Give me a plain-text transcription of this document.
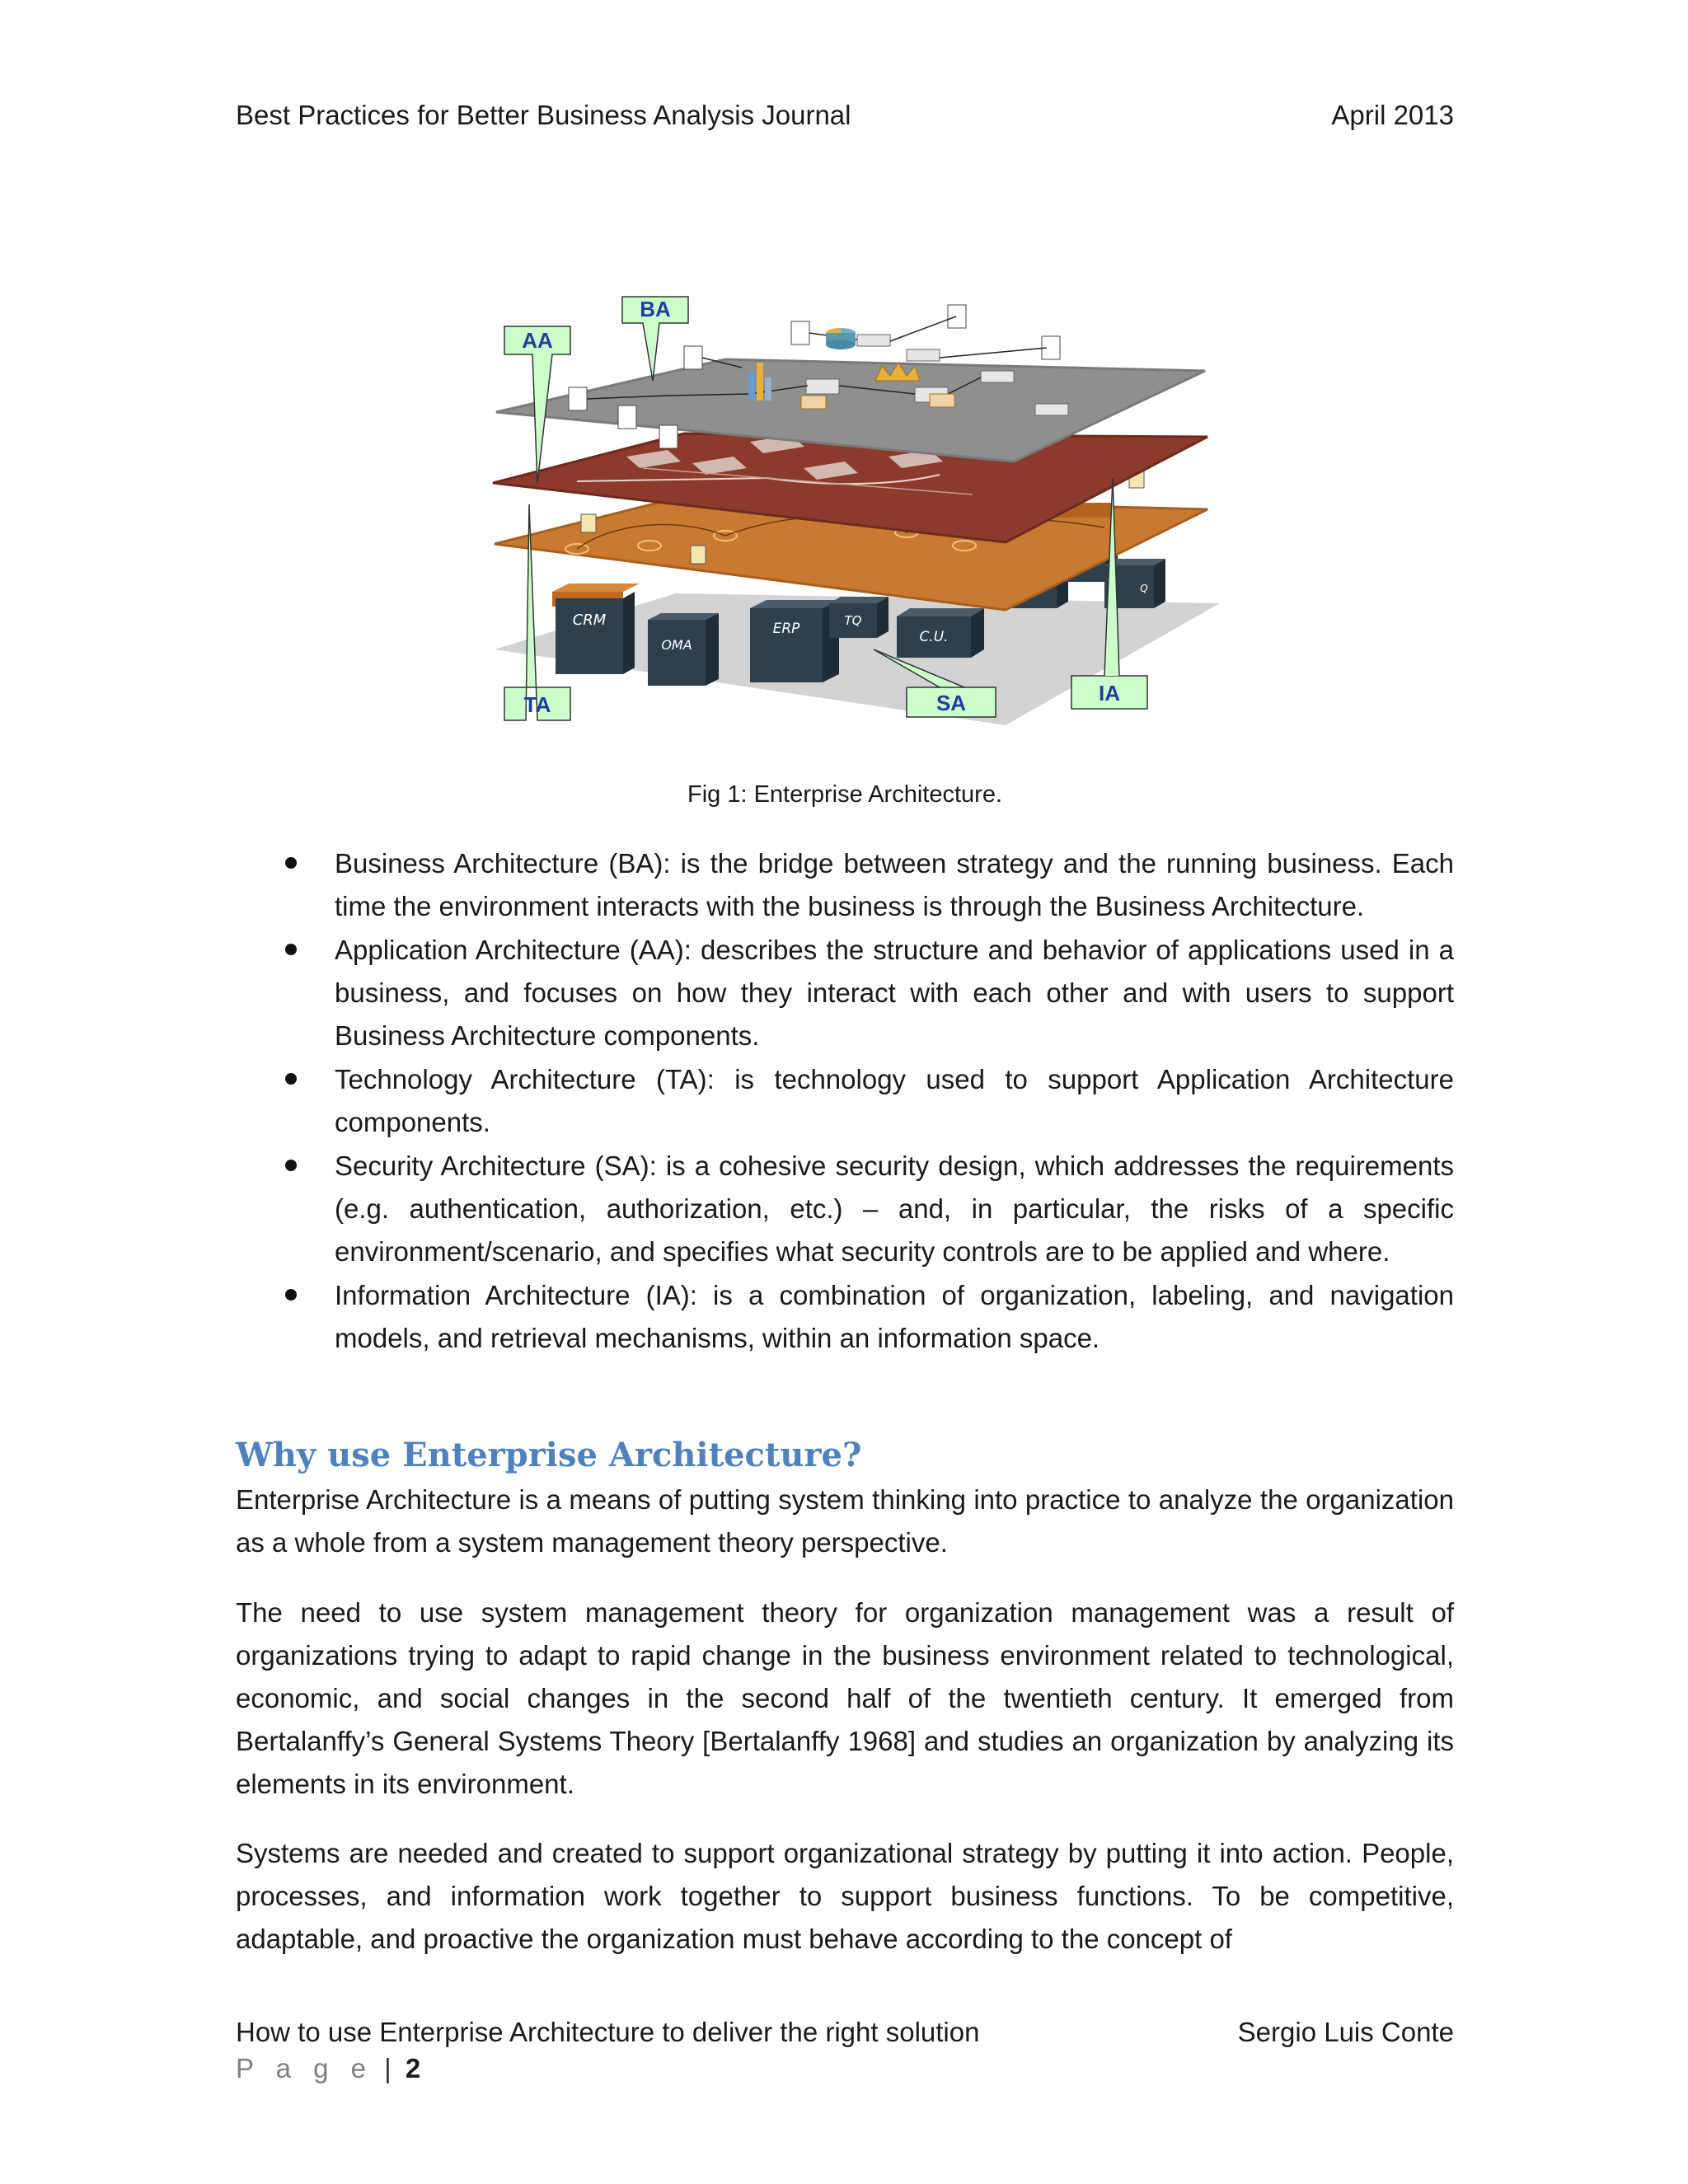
Best Practices for Better Business Analysis Journal	April 2013
CRM
OMA
ERP	TQ
C.U.
Q
BA
AA
TA	SA	IA
Fig 1: Enterprise Architecture.
Business Architecture (BA): is the bridge between strategy and the running business. Each time the environment interacts with the business is through the Business Architecture.
Application Architecture (AA): describes the structure and behavior of applications used in a business, and focuses on how they interact with each other and with users to support Business Architecture components.
Technology Architecture (TA): is technology used to support Application Architecture components.
Security Architecture (SA): is a cohesive security design, which addresses the requirements (e.g. authentication, authorization, etc.) – and, in particular, the risks of a specific environment/scenario, and specifies what security controls are to be applied and where.
Information Architecture (IA): is a combination of organization, labeling, and navigation models, and retrieval mechanisms, within an information space.
Why use Enterprise Architecture?

Enterprise Architecture is a means of putting system thinking into practice to analyze the organization as a whole from a system management theory perspective.

The need to use system management theory for organization management was a result of organizations trying to adapt to rapid change in the business environment related to technological, economic, and social changes in the second half of the twentieth century. It emerged from Bertalanffy’s General Systems Theory [Bertalanffy 1968] and studies an organization by analyzing its elements in its environment.

Systems are needed and created to support organizational strategy by putting it into action. People, processes, and information work together to support business functions. To be competitive, adaptable, and proactive the organization must behave according to the concept of

How to use Enterprise Architecture to deliver the right solution	Sergio Luis Conte
P a g e | 2
